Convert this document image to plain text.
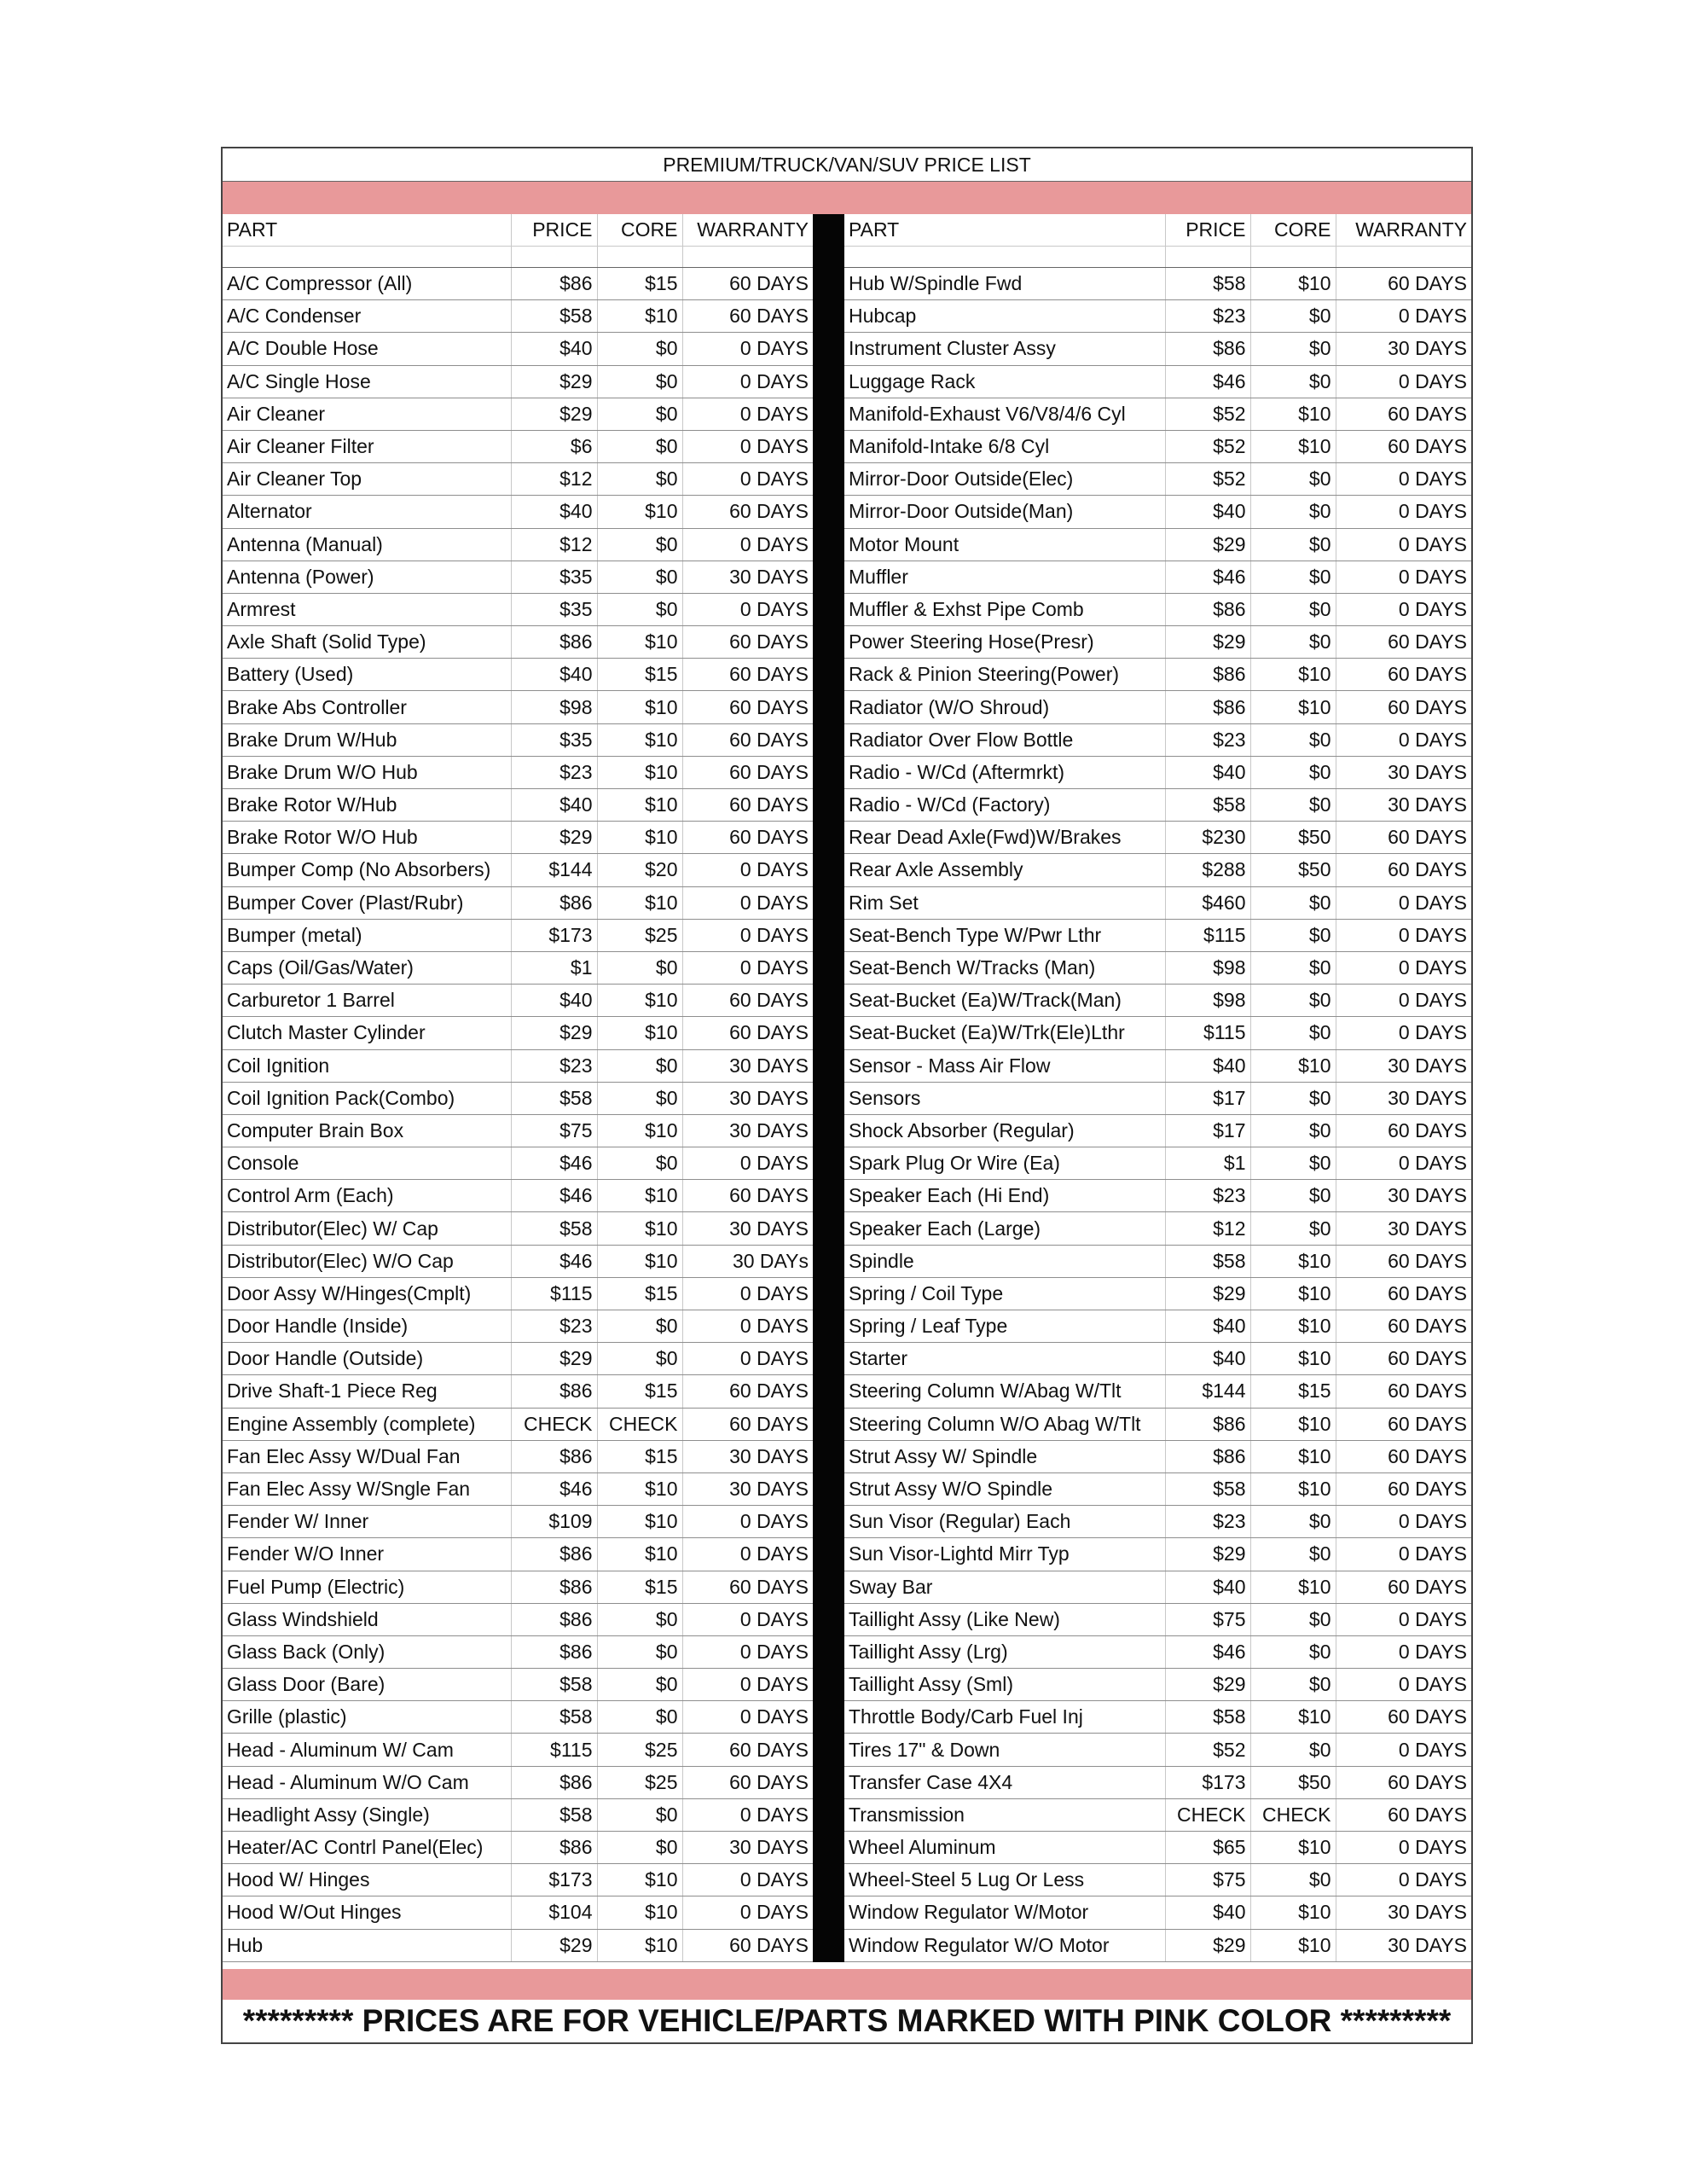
PREMIUM/TRUCK/VAN/SUV PRICE LIST
PART	PRICE	CORE	WARRANTY

A/C Compressor (All)	$86	$15	60 DAYS
A/C Condenser	$58	$10	60 DAYS
A/C Double Hose	$40	$0	0 DAYS
A/C Single Hose	$29	$0	0 DAYS
Air Cleaner	$29	$0	0 DAYS
Air Cleaner Filter	$6	$0	0 DAYS
Air Cleaner Top	$12	$0	0 DAYS
Alternator	$40	$10	60 DAYS
Antenna (Manual)	$12	$0	0 DAYS
Antenna (Power)	$35	$0	30 DAYS
Armrest	$35	$0	0 DAYS
Axle Shaft (Solid Type)	$86	$10	60 DAYS
Battery (Used)	$40	$15	60 DAYS
Brake Abs Controller	$98	$10	60 DAYS
Brake Drum W/Hub	$35	$10	60 DAYS
Brake Drum W/O Hub	$23	$10	60 DAYS
Brake Rotor W/Hub	$40	$10	60 DAYS
Brake Rotor W/O Hub	$29	$10	60 DAYS
Bumper Comp (No Absorbers)	$144	$20	0 DAYS
Bumper Cover (Plast/Rubr)	$86	$10	0 DAYS
Bumper (metal)	$173	$25	0 DAYS
Caps (Oil/Gas/Water)	$1	$0	0 DAYS
Carburetor 1 Barrel	$40	$10	60 DAYS
Clutch Master Cylinder	$29	$10	60 DAYS
Coil Ignition	$23	$0	30 DAYS
Coil Ignition Pack(Combo)	$58	$0	30 DAYS
Computer Brain Box	$75	$10	30 DAYS
Console	$46	$0	0 DAYS
Control Arm (Each)	$46	$10	60 DAYS
Distributor(Elec) W/ Cap	$58	$10	30 DAYS
Distributor(Elec) W/O Cap	$46	$10	30 DAYs
Door Assy W/Hinges(Cmplt)	$115	$15	0 DAYS
Door Handle (Inside)	$23	$0	0 DAYS
Door Handle (Outside)	$29	$0	0 DAYS
Drive Shaft-1 Piece Reg	$86	$15	60 DAYS
Engine Assembly (complete)	CHECK	CHECK	60 DAYS
Fan Elec Assy W/Dual Fan	$86	$15	30 DAYS
Fan Elec Assy W/Sngle Fan	$46	$10	30 DAYS
Fender W/ Inner	$109	$10	0 DAYS
Fender W/O Inner	$86	$10	0 DAYS
Fuel Pump (Electric)	$86	$15	60 DAYS
Glass Windshield	$86	$0	0 DAYS
Glass Back (Only)	$86	$0	0 DAYS
Glass Door (Bare)	$58	$0	0 DAYS
Grille (plastic)	$58	$0	0 DAYS
Head - Aluminum W/ Cam	$115	$25	60 DAYS
Head - Aluminum W/O Cam	$86	$25	60 DAYS
Headlight Assy (Single)	$58	$0	0 DAYS
Heater/AC Contrl Panel(Elec)	$86	$0	30 DAYS
Hood W/ Hinges	$173	$10	0 DAYS
Hood W/Out Hinges	$104	$10	0 DAYS
Hub	$29	$10	60 DAYS
PART	PRICE	CORE	WARRANTY

Hub W/Spindle Fwd	$58	$10	60 DAYS
Hubcap	$23	$0	0 DAYS
Instrument Cluster Assy	$86	$0	30 DAYS
Luggage Rack	$46	$0	0 DAYS
Manifold-Exhaust V6/V8/4/6 Cyl	$52	$10	60 DAYS
Manifold-Intake 6/8 Cyl	$52	$10	60 DAYS
Mirror-Door Outside(Elec)	$52	$0	0 DAYS
Mirror-Door Outside(Man)	$40	$0	0 DAYS
Motor Mount	$29	$0	0 DAYS
Muffler	$46	$0	0 DAYS
Muffler & Exhst Pipe Comb	$86	$0	0 DAYS
Power Steering Hose(Presr)	$29	$0	60 DAYS
Rack & Pinion Steering(Power)	$86	$10	60 DAYS
Radiator (W/O Shroud)	$86	$10	60 DAYS
Radiator Over Flow Bottle	$23	$0	0 DAYS
Radio - W/Cd (Aftermrkt)	$40	$0	30 DAYS
Radio - W/Cd (Factory)	$58	$0	30 DAYS
Rear Dead Axle(Fwd)W/Brakes	$230	$50	60 DAYS
Rear Axle Assembly	$288	$50	60 DAYS
Rim Set	$460	$0	0 DAYS
Seat-Bench Type W/Pwr Lthr	$115	$0	0 DAYS
Seat-Bench W/Tracks (Man)	$98	$0	0 DAYS
Seat-Bucket (Ea)W/Track(Man)	$98	$0	0 DAYS
Seat-Bucket (Ea)W/Trk(Ele)Lthr	$115	$0	0 DAYS
Sensor - Mass Air Flow	$40	$10	30 DAYS
Sensors	$17	$0	30 DAYS
Shock Absorber (Regular)	$17	$0	60 DAYS
Spark Plug Or Wire (Ea)	$1	$0	0 DAYS
Speaker Each (Hi End)	$23	$0	30 DAYS
Speaker Each (Large)	$12	$0	30 DAYS
Spindle	$58	$10	60 DAYS
Spring / Coil Type	$29	$10	60 DAYS
Spring / Leaf Type	$40	$10	60 DAYS
Starter	$40	$10	60 DAYS
Steering Column W/Abag W/Tlt	$144	$15	60 DAYS
Steering Column W/O Abag W/Tlt	$86	$10	60 DAYS
Strut Assy W/ Spindle	$86	$10	60 DAYS
Strut Assy W/O Spindle	$58	$10	60 DAYS
Sun Visor (Regular) Each	$23	$0	0 DAYS
Sun Visor-Lightd Mirr Typ	$29	$0	0 DAYS
Sway Bar	$40	$10	60 DAYS
Taillight Assy (Like New)	$75	$0	0 DAYS
Taillight Assy (Lrg)	$46	$0	0 DAYS
Taillight Assy (Sml)	$29	$0	0 DAYS
Throttle Body/Carb Fuel Inj	$58	$10	60 DAYS
Tires 17" & Down	$52	$0	0 DAYS
Transfer Case 4X4	$173	$50	60 DAYS
Transmission	CHECK	CHECK	60 DAYS
Wheel Aluminum	$65	$10	0 DAYS
Wheel-Steel 5 Lug Or Less	$75	$0	0 DAYS
Window Regulator W/Motor	$40	$10	30 DAYS
Window Regulator W/O Motor	$29	$10	30 DAYS
********* PRICES ARE FOR VEHICLE/PARTS MARKED WITH PINK COLOR *********
